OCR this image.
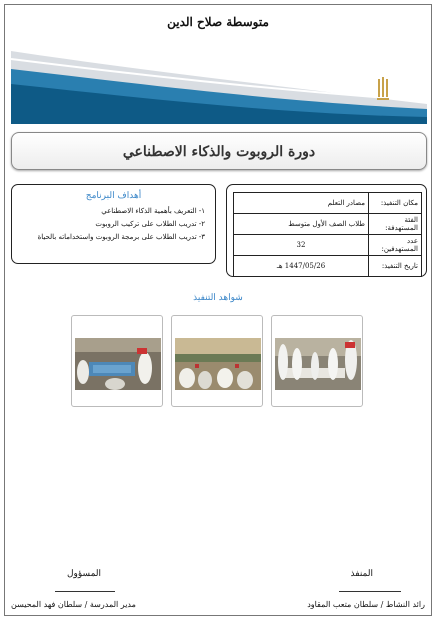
متوسطة صلاح الدين
دورة الروبوت والذكاء الاصطناعي
مكان التنفيذ:	مصادر التعلم
الفئة المستهدفة:	طلاب الصف الأول متوسط
عدد المستهدفين:	32
تاريخ التنفيذ:	1447/05/26 هـ
أهداف البرنامج
١- التعريف بأهمية الذكاء الاصطناعي
٢- تدريب الطلاب على تركيب الروبوت
٣- تدريب الطلاب على برمجة الروبوت واستخداماته بالحياة
شواهد التنفيذ
المنفذ
رائد النشاط / سلطان متعب المقاود
المسؤول
مدير المدرسة / سلطان فهد المحيسن
